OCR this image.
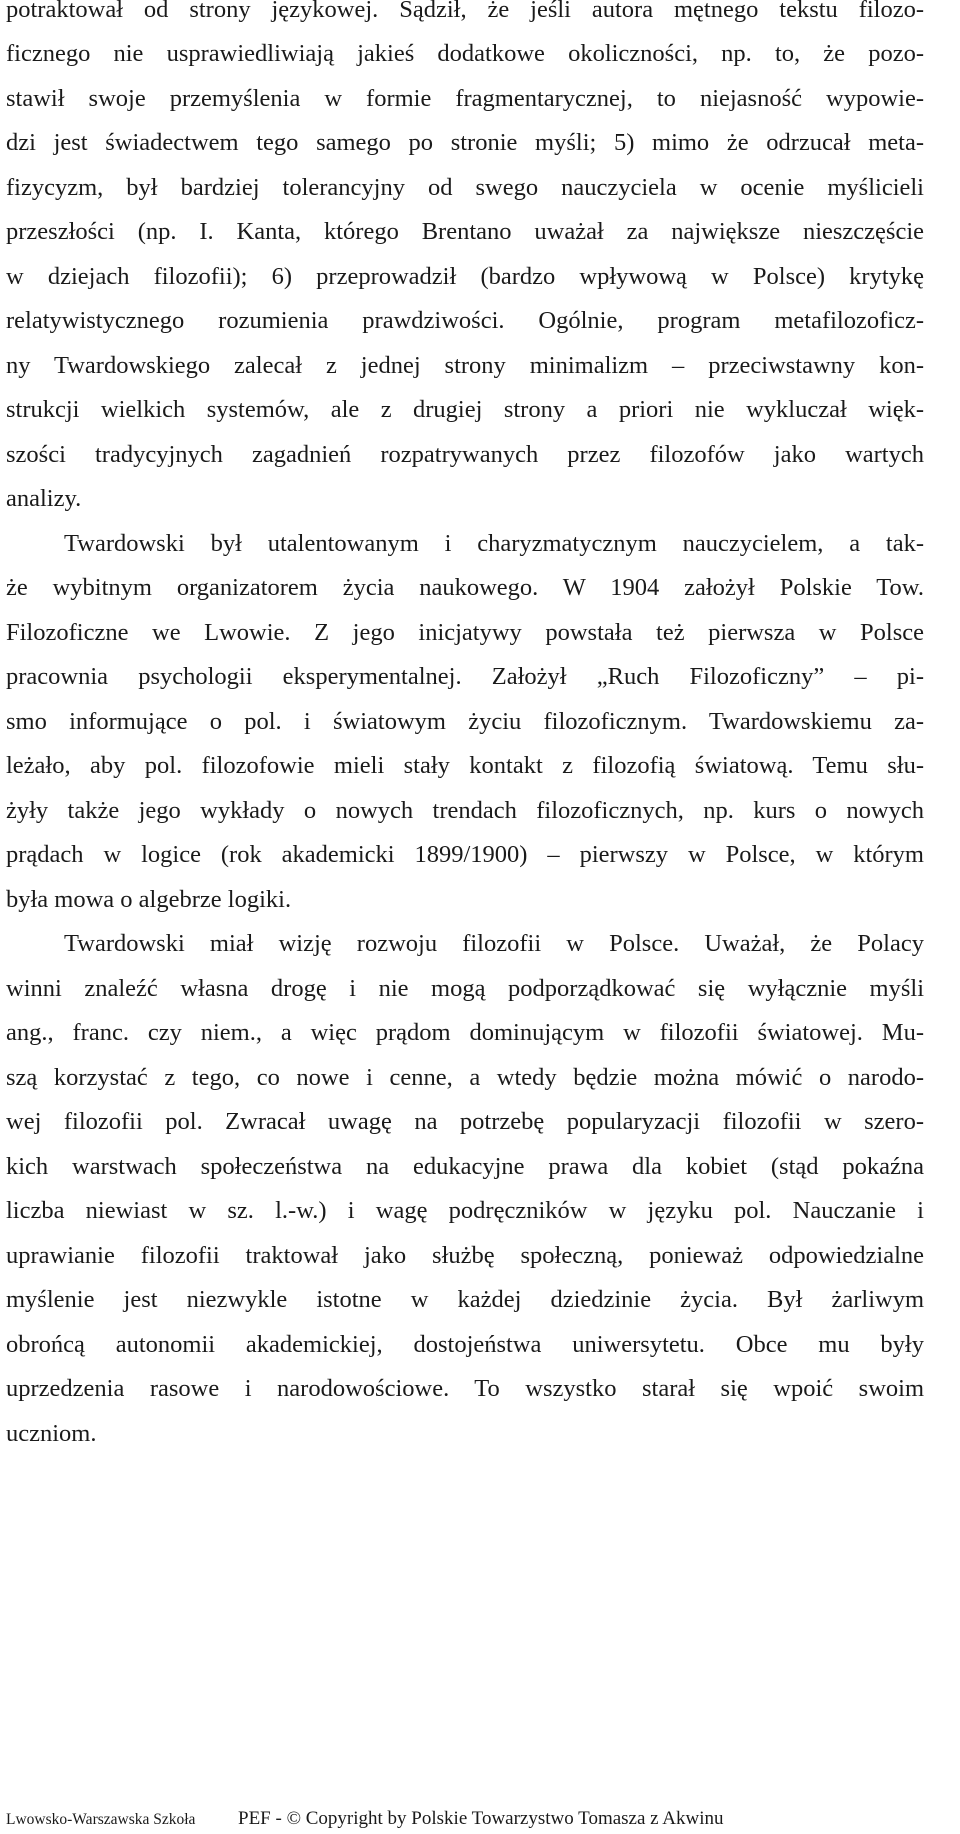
potraktował od strony językowej. Sądził, że jeśli autora mętnego tekstu filozo-
ficznego nie usprawiedliwiają jakieś dodatkowe okoliczności, np. to, że pozo-
stawił swoje przemyślenia w formie fragmentarycznej, to niejasność wypowie-
dzi jest świadectwem tego samego po stronie myśli; 5) mimo że odrzucał meta-
fizycyzm, był bardziej tolerancyjny od swego nauczyciela w ocenie myślicieli
przeszłości (np. I. Kanta, którego Brentano uważał za największe nieszczęście
w dziejach filozofii); 6) przeprowadził (bardzo wpływową w Polsce) krytykę
relatywistycznego rozumienia prawdziwości. Ogólnie, program metafilozoficz-
ny Twardowskiego zalecał z jednej strony minimalizm – przeciwstawny kon-
strukcji wielkich systemów, ale z drugiej strony a priori nie wykluczał więk-
szości tradycyjnych zagadnień rozpatrywanych przez filozofów jako wartych
analizy.
Twardowski był utalentowanym i charyzmatycznym nauczycielem, a tak-
że wybitnym organizatorem życia naukowego. W 1904 założył Polskie Tow.
Filozoficzne we Lwowie. Z jego inicjatywy powstała też pierwsza w Polsce
pracownia psychologii eksperymentalnej. Założył „Ruch Filozoficzny” – pi-
smo informujące o pol. i światowym życiu filozoficznym. Twardowskiemu za-
leżało, aby pol. filozofowie mieli stały kontakt z filozofią światową. Temu słu-
żyły także jego wykłady o nowych trendach filozoficznych, np. kurs o nowych
prądach w logice (rok akademicki 1899/1900) – pierwszy w Polsce, w którym
była mowa o algebrze logiki.
Twardowski miał wizję rozwoju filozofii w Polsce. Uważał, że Polacy
winni znaleźć własna drogę i nie mogą podporządkować się wyłącznie myśli
ang., franc. czy niem., a więc prądom dominującym w filozofii światowej. Mu-
szą korzystać z tego, co nowe i cenne, a wtedy będzie można mówić o narodo-
wej filozofii pol. Zwracał uwagę na potrzebę popularyzacji filozofii w szero-
kich warstwach społeczeństwa na edukacyjne prawa dla kobiet (stąd pokaźna
liczba niewiast w sz. l.-w.) i wagę podręczników w języku pol. Nauczanie i
uprawianie filozofii traktował jako służbę społeczną, ponieważ odpowiedzialne
myślenie jest niezwykle istotne w każdej dziedzinie życia. Był żarliwym
obrońcą autonomii akademickiej, dostojeństwa uniwersytetu. Obce mu były
uprzedzenia rasowe i narodowościowe. To wszystko starał się wpoić swoim
uczniom.
Lwowsko-Warszawska Szkoła PEF - © Copyright by Polskie Towarzystwo Tomasza z Akwinu
